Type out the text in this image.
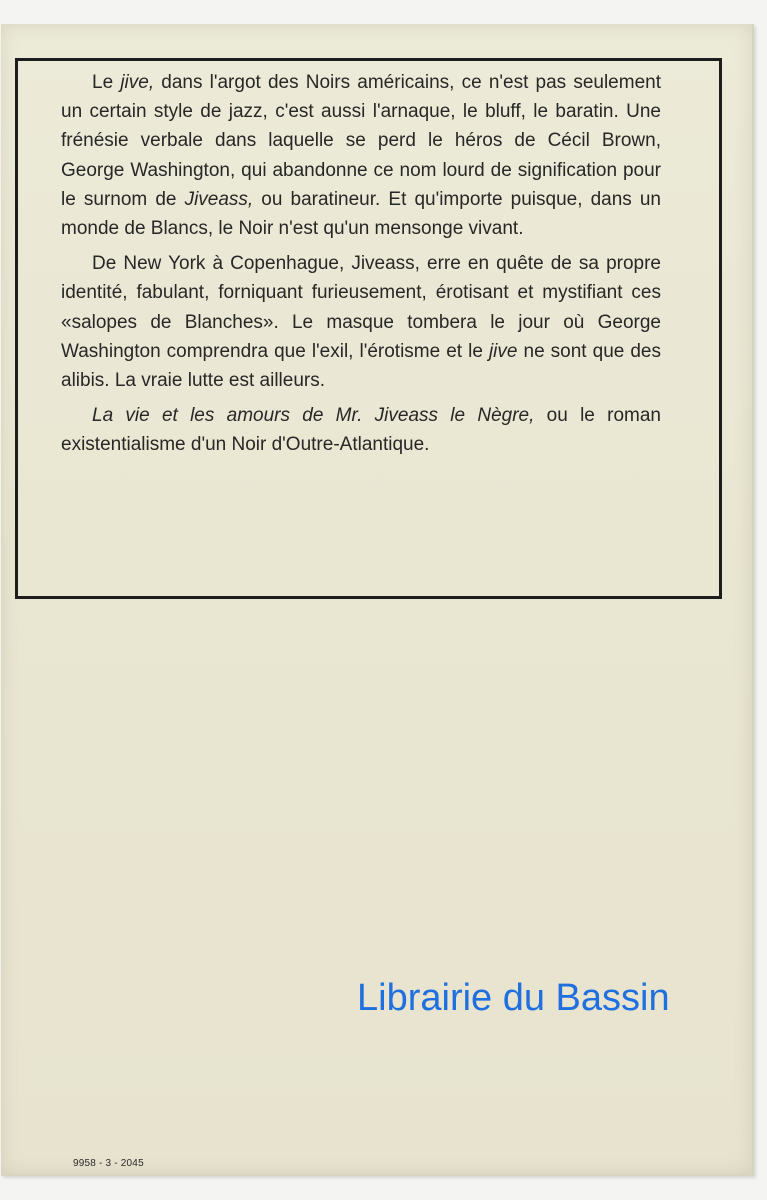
Le jive, dans l'argot des Noirs américains, ce n'est pas seulement un certain style de jazz, c'est aussi l'arnaque, le bluff, le baratin. Une frénésie verbale dans laquelle se perd le héros de Cécil Brown, George Washington, qui abandonne ce nom lourd de signification pour le surnom de Jiveass, ou baratineur. Et qu'importe puisque, dans un monde de Blancs, le Noir n'est qu'un mensonge vivant.

De New York à Copenhague, Jiveass, erre en quête de sa propre identité, fabulant, forniquant furieusement, érotisant et mystifiant ces «salopes de Blanches». Le masque tombera le jour où George Washington comprendra que l'exil, l'érotisme et le jive ne sont que des alibis. La vraie lutte est ailleurs.

La vie et les amours de Mr. Jiveass le Nègre, ou le roman existentialisme d'un Noir d'Outre-Atlantique.

9958 - 3 - 2045

Librairie du Bassin
